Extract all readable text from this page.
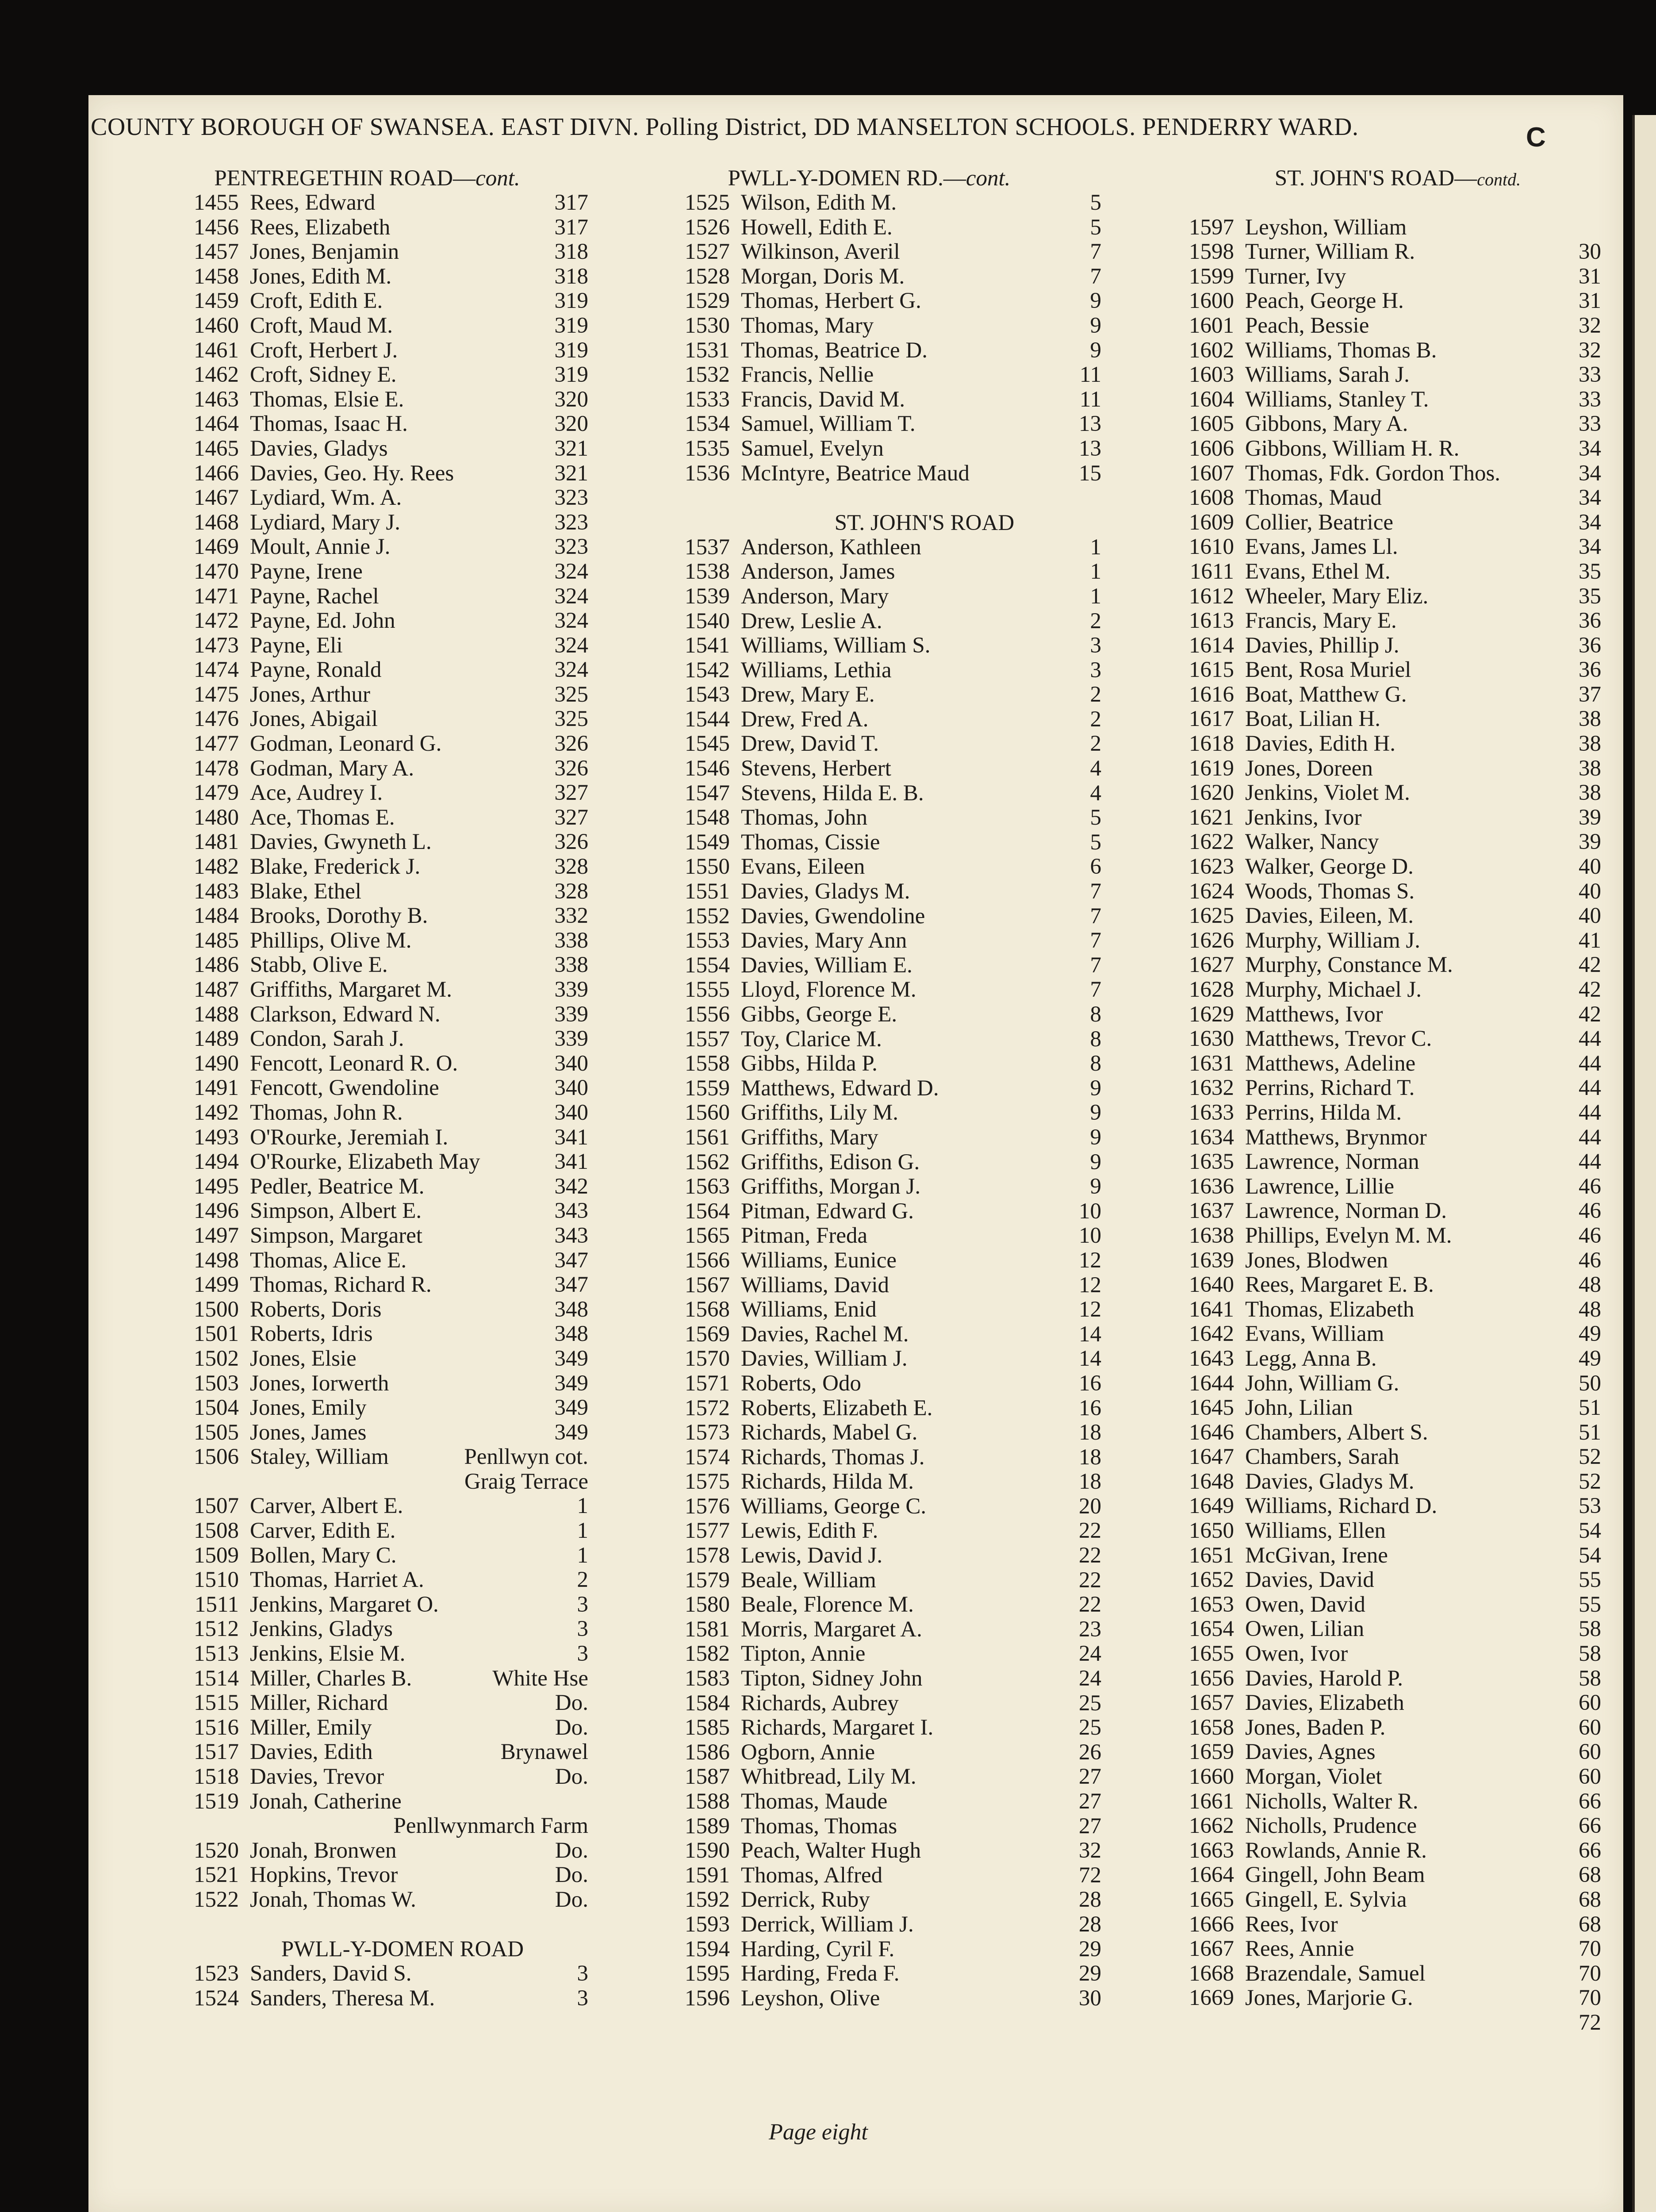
COUNTY BOROUGH OF SWANSEA. EAST DIVN. Polling District, DD MANSELTON SCHOOLS. PENDERRY WARD.	C
PENTREGETHIN ROAD—cont.
1455 Rees, Edward	317
1456 Rees, Elizabeth	317
1457 Jones, Benjamin	318
1458 Jones, Edith M.	318
1459 Croft, Edith E.	319
1460 Croft, Maud M.	319
1461 Croft, Herbert J.	319
1462 Croft, Sidney E.	319
1463 Thomas, Elsie E.	320
1464 Thomas, Isaac H.	320
1465 Davies, Gladys	321
1466 Davies, Geo. Hy. Rees	321
1467 Lydiard, Wm. A.	323
1468 Lydiard, Mary J.	323
1469 Moult, Annie J.	323
1470 Payne, Irene	324
1471 Payne, Rachel	324
1472 Payne, Ed. John	324
1473 Payne, Eli	324
1474 Payne, Ronald	324
1475 Jones, Arthur	325
1476 Jones, Abigail	325
1477 Godman, Leonard G.	326
1478 Godman, Mary A.	326
1479 Ace, Audrey I.	327
1480 Ace, Thomas E.	327
1481 Davies, Gwyneth L.	326
1482 Blake, Frederick J.	328
1483 Blake, Ethel	328
1484 Brooks, Dorothy B.	332
1485 Phillips, Olive M.	338
1486 Stabb, Olive E.	338
1487 Griffiths, Margaret M.	339
1488 Clarkson, Edward N.	339
1489 Condon, Sarah J.	339
1490 Fencott, Leonard R. O.	340
1491 Fencott, Gwendoline	340
1492 Thomas, John R.	340
1493 O'Rourke, Jeremiah I.	341
1494 O'Rourke, Elizabeth May	341
1495 Pedler, Beatrice M.	342
1496 Simpson, Albert E.	343
1497 Simpson, Margaret	343
1498 Thomas, Alice E.	347
1499 Thomas, Richard R.	347
1500 Roberts, Doris	348
1501 Roberts, Idris	348
1502 Jones, Elsie	349
1503 Jones, Iorwerth	349
1504 Jones, Emily	349
1505 Jones, James	349
1506 Staley, William	Penllwyn cot.
Graig Terrace
1507 Carver, Albert E.	1
1508 Carver, Edith E.	1
1509 Bollen, Mary C.	1
1510 Thomas, Harriet A.	2
1511 Jenkins, Margaret O.	3
1512 Jenkins, Gladys	3
1513 Jenkins, Elsie M.	3
1514 Miller, Charles B.	White Hse
1515 Miller, Richard	Do.
1516 Miller, Emily	Do.
1517 Davies, Edith	Brynawel
1518 Davies, Trevor	Do.
1519 Jonah, Catherine
Penllwynmarch Farm
1520 Jonah, Bronwen	Do.
1521 Hopkins, Trevor	Do.
1522 Jonah, Thomas W.	Do.
PWLL-Y-DOMEN ROAD
1523 Sanders, David S.	3
1524 Sanders, Theresa M.	3
PWLL-Y-DOMEN RD.—cont.
1525 Wilson, Edith M.	5
1526 Howell, Edith E.	5
1527 Wilkinson, Averil	7
1528 Morgan, Doris M.	7
1529 Thomas, Herbert G.	9
1530 Thomas, Mary	9
1531 Thomas, Beatrice D.	9
1532 Francis, Nellie	11
1533 Francis, David M.	11
1534 Samuel, William T.	13
1535 Samuel, Evelyn	13
1536 McIntyre, Beatrice Maud	15
ST. JOHN'S ROAD
1537 Anderson, Kathleen	1
1538 Anderson, James	1
1539 Anderson, Mary	1
1540 Drew, Leslie A.	2
1541 Williams, William S.	3
1542 Williams, Lethia	3
1543 Drew, Mary E.	2
1544 Drew, Fred A.	2
1545 Drew, David T.	2
1546 Stevens, Herbert	4
1547 Stevens, Hilda E. B.	4
1548 Thomas, John	5
1549 Thomas, Cissie	5
1550 Evans, Eileen	6
1551 Davies, Gladys M.	7
1552 Davies, Gwendoline	7
1553 Davies, Mary Ann	7
1554 Davies, William E.	7
1555 Lloyd, Florence M.	7
1556 Gibbs, George E.	8
1557 Toy, Clarice M.	8
1558 Gibbs, Hilda P.	8
1559 Matthews, Edward D.	9
1560 Griffiths, Lily M.	9
1561 Griffiths, Mary	9
1562 Griffiths, Edison G.	9
1563 Griffiths, Morgan J.	9
1564 Pitman, Edward G.	10
1565 Pitman, Freda	10
1566 Williams, Eunice	12
1567 Williams, David	12
1568 Williams, Enid	12
1569 Davies, Rachel M.	14
1570 Davies, William J.	14
1571 Roberts, Odo	16
1572 Roberts, Elizabeth E.	16
1573 Richards, Mabel G.	18
1574 Richards, Thomas J.	18
1575 Richards, Hilda M.	18
1576 Williams, George C.	20
1577 Lewis, Edith F.	22
1578 Lewis, David J.	22
1579 Beale, William	22
1580 Beale, Florence M.	22
1581 Morris, Margaret A.	23
1582 Tipton, Annie	24
1583 Tipton, Sidney John	24
1584 Richards, Aubrey	25
1585 Richards, Margaret I.	25
1586 Ogborn, Annie	26
1587 Whitbread, Lily M.	27
1588 Thomas, Maude	27
1589 Thomas, Thomas	27
1590 Peach, Walter Hugh	32
1591 Thomas, Alfred	72
1592 Derrick, Ruby	28
1593 Derrick, William J.	28
1594 Harding, Cyril F.	29
1595 Harding, Freda F.	29
1596 Leyshon, Olive	30
ST. JOHN'S ROAD—contd.
1597 Leyshon, William
1598 Turner, William R.	30
1599 Turner, Ivy	31
1600 Peach, George H.	31
1601 Peach, Bessie	32
1602 Williams, Thomas B.	32
1603 Williams, Sarah J.	33
1604 Williams, Stanley T.	33
1605 Gibbons, Mary A.	33
1606 Gibbons, William H. R.	34
1607 Thomas, Fdk. Gordon Thos.	34
1608 Thomas, Maud	34
1609 Collier, Beatrice	34
1610 Evans, James Ll.	34
1611 Evans, Ethel M.	35
1612 Wheeler, Mary Eliz.	35
1613 Francis, Mary E.	36
1614 Davies, Phillip J.	36
1615 Bent, Rosa Muriel	36
1616 Boat, Matthew G.	37
1617 Boat, Lilian H.	38
1618 Davies, Edith H.	38
1619 Jones, Doreen	38
1620 Jenkins, Violet M.	38
1621 Jenkins, Ivor	39
1622 Walker, Nancy	39
1623 Walker, George D.	40
1624 Woods, Thomas S.	40
1625 Davies, Eileen, M.	40
1626 Murphy, William J.	41
1627 Murphy, Constance M.	42
1628 Murphy, Michael J.	42
1629 Matthews, Ivor	42
1630 Matthews, Trevor C.	44
1631 Matthews, Adeline	44
1632 Perrins, Richard T.	44
1633 Perrins, Hilda M.	44
1634 Matthews, Brynmor	44
1635 Lawrence, Norman	44
1636 Lawrence, Lillie	46
1637 Lawrence, Norman D.	46
1638 Phillips, Evelyn M. M.	46
1639 Jones, Blodwen	46
1640 Rees, Margaret E. B.	48
1641 Thomas, Elizabeth	48
1642 Evans, William	49
1643 Legg, Anna B.	49
1644 John, William G.	50
1645 John, Lilian	51
1646 Chambers, Albert S.	51
1647 Chambers, Sarah	52
1648 Davies, Gladys M.	52
1649 Williams, Richard D.	53
1650 Williams, Ellen	54
1651 McGivan, Irene	54
1652 Davies, David	55
1653 Owen, David	55
1654 Owen, Lilian	58
1655 Owen, Ivor	58
1656 Davies, Harold P.	58
1657 Davies, Elizabeth	60
1658 Jones, Baden P.	60
1659 Davies, Agnes	60
1660 Morgan, Violet	60
1661 Nicholls, Walter R.	66
1662 Nicholls, Prudence	66
1663 Rowlands, Annie R.	66
1664 Gingell, John Beam	68
1665 Gingell, E. Sylvia	68
1666 Rees, Ivor	68
1667 Rees, Annie	70
1668 Brazendale, Samuel	70
1669 Jones, Marjorie G.	70
72
Page eight
